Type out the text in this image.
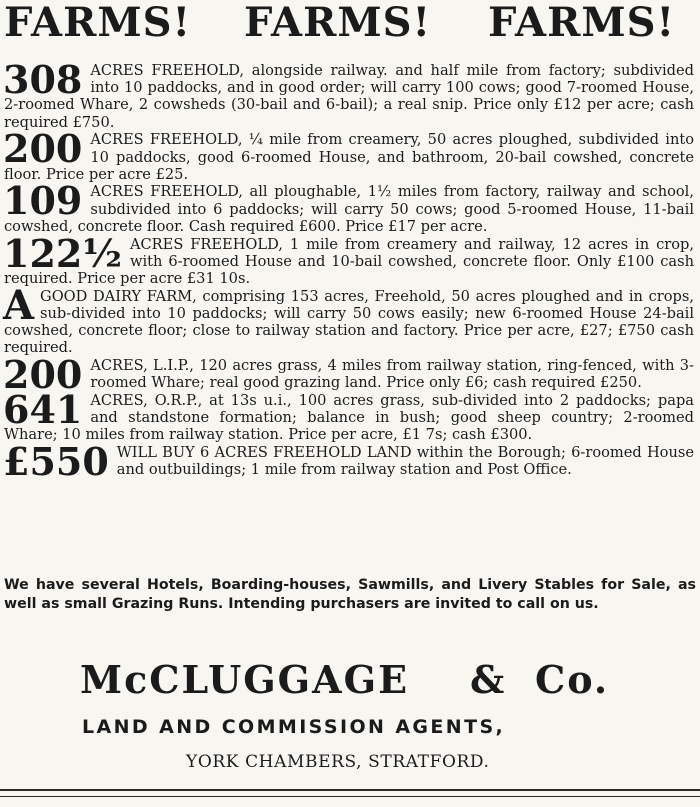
FARMS! FARMS! FARMS!

308 ACRES FREEHOLD, alongside railway. and half mile from factory; subdivided into 10 paddocks, and in good order; will carry 100 cows; good 7-roomed House, 2-roomed Whare, 2 cowsheds (30-bail and 6-bail); a real snip. Price only £12 per acre; cash required £750.

200 ACRES FREEHOLD, ¼ mile from creamery, 50 acres ploughed, subdivided into 10 paddocks, good 6-roomed House, and bathroom, 20-bail cowshed, concrete floor. Price per acre £25.

109 ACRES FREEHOLD, all ploughable, 1½ miles from factory, railway and school, subdivided into 6 paddocks; will carry 50 cows; good 5-roomed House, 11-bail cowshed, concrete floor. Cash required £600. Price £17 per acre.

122½ ACRES FREEHOLD, 1 mile from creamery and railway, 12 acres in crop, with 6-roomed House and 10-bail cowshed, concrete floor. Only £100 cash required. Price per acre £31 10s.

A GOOD DAIRY FARM, comprising 153 acres, Freehold, 50 acres ploughed and in crops, sub-divided into 10 paddocks; will carry 50 cows easily; new 6-roomed House 24-bail cowshed, concrete floor; close to railway station and factory. Price per acre, £27; £750 cash required.

200 ACRES, L.I.P., 120 acres grass, 4 miles from railway station, ring-fenced, with 3-roomed Whare; real good grazing land. Price only £6; cash required £250.

641 ACRES, O.R.P., at 13s u.i., 100 acres grass, sub-divided into 2 paddocks; papa and standstone formation; balance in bush; good sheep country; 2-roomed Whare; 10 miles from railway station. Price per acre, £1 7s; cash £300.

£550 WILL BUY 6 ACRES FREEHOLD LAND within the Borough; 6-roomed House and outbuildings; 1 mile from railway station and Post Office.

We have several Hotels, Boarding-houses, Sawmills, and Livery Stables for Sale, as well as small Grazing Runs. Intending purchasers are invited to call on us.
McCLUGGAGE & Co.
LAND AND COMMISSION AGENTS,
YORK CHAMBERS, STRATFORD.
